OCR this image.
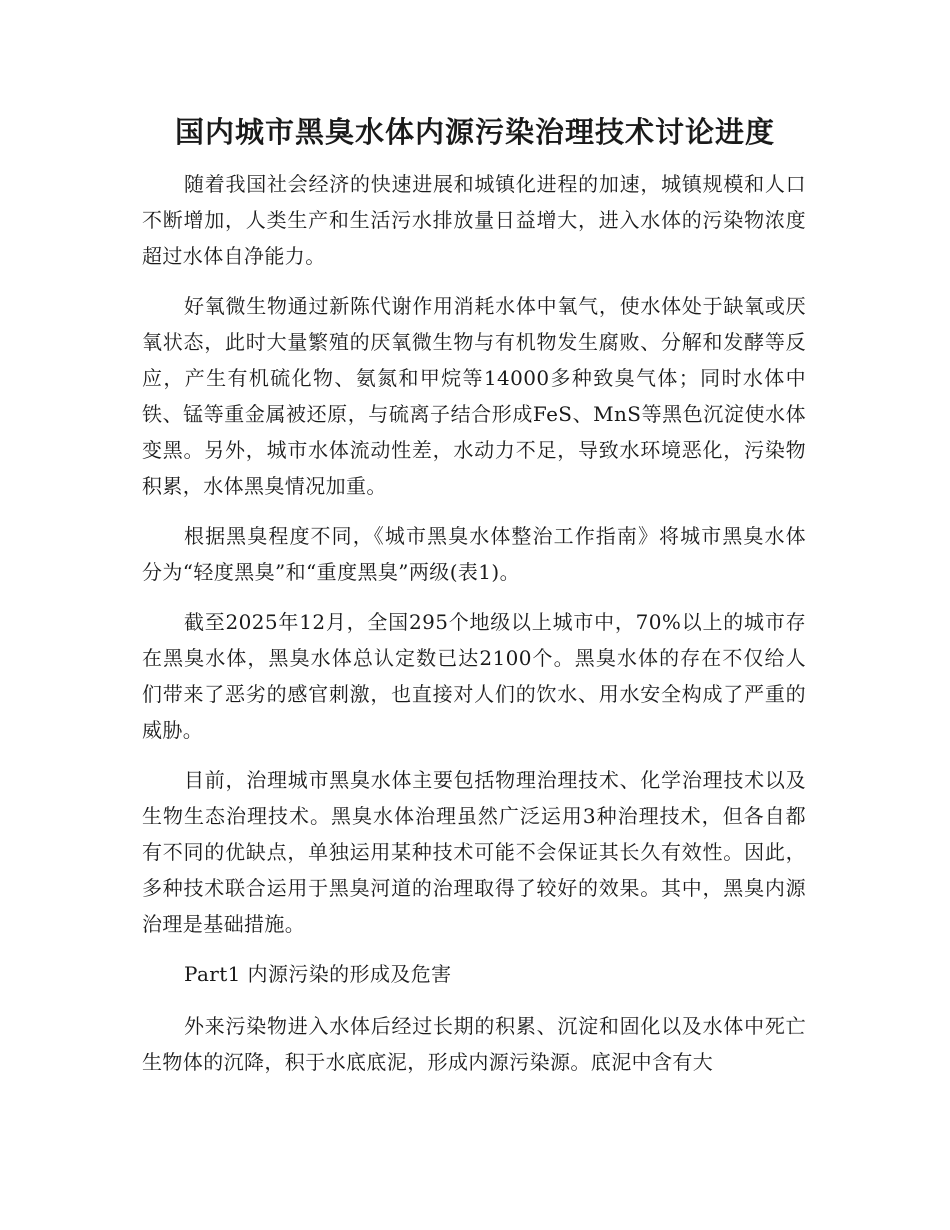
国内城市黑臭水体内源污染治理技术讨论进度

随着我国社会经济的快速进展和城镇化进程的加速，城镇规模和人口不断增加，人类生产和生活污水排放量日益增大，进入水体的污染物浓度超过水体自净能力。

好氧微生物通过新陈代谢作用消耗水体中氧气，使水体处于缺氧或厌氧状态，此时大量繁殖的厌氧微生物与有机物发生腐败、分解和发酵等反应，产生有机硫化物、氨氮和甲烷等14000多种致臭气体；同时水体中铁、锰等重金属被还原，与硫离子结合形成FeS、MnS等黑色沉淀使水体变黑。另外，城市水体流动性差，水动力不足，导致水环境恶化，污染物积累，水体黑臭情况加重。

根据黑臭程度不同，《城市黑臭水体整治工作指南》将城市黑臭水体分为“轻度黑臭”和“重度黑臭”两级(表1)。

截至2025年12月，全国295个地级以上城市中，70%以上的城市存在黑臭水体，黑臭水体总认定数已达2100个。黑臭水体的存在不仅给人们带来了恶劣的感官刺激，也直接对人们的饮水、用水安全构成了严重的威胁。

目前，治理城市黑臭水体主要包括物理治理技术、化学治理技术以及生物生态治理技术。黑臭水体治理虽然广泛运用3种治理技术，但各自都有不同的优缺点，单独运用某种技术可能不会保证其长久有效性。因此，多种技术联合运用于黑臭河道的治理取得了较好的效果。其中，黑臭内源治理是基础措施。

Part1 内源污染的形成及危害

外来污染物进入水体后经过长期的积累、沉淀和固化以及水体中死亡生物体的沉降，积于水底底泥，形成内源污染源。底泥中含有大
